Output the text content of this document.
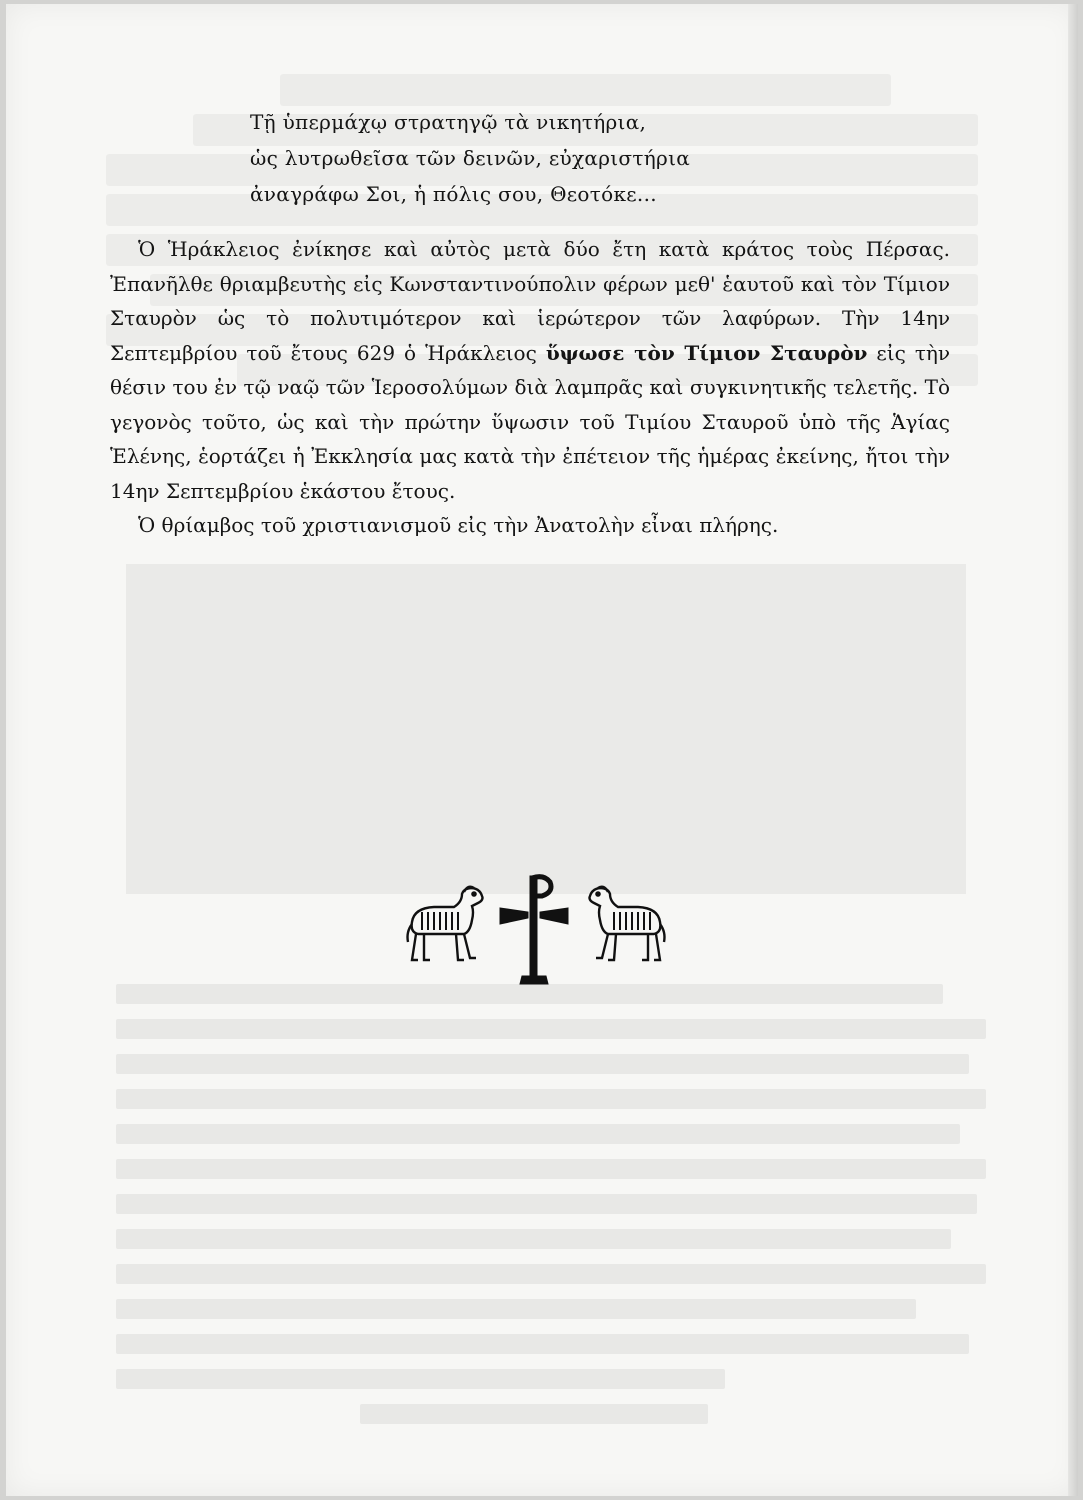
Τῇ ὑπερμάχῳ στρατηγῷ τὰ νικητήρια,
ὡς λυτρωθεῖσα τῶν δεινῶν, εὐχαριστήρια
ἀναγράφω Σοι, ἡ πόλις σου, Θεοτόκε...

Ὁ Ἡράκλειος ἐνίκησε καὶ αὐτὸς μετὰ δύο ἔτη κατὰ κράτος τοὺς Πέρσας. Ἐπανῆλθε θριαμβευτὴς εἰς Κωνσταντινούπολιν φέρων μεθ' ἑαυτοῦ καὶ τὸν Τίμιον Σταυρὸν ὡς τὸ πολυτιμότερον καὶ ἱερώτερον τῶν λαφύρων. Τὴν 14ην Σεπτεμβρίου τοῦ ἔτους 629 ὁ Ἡράκλειος ὕψωσε τὸν Τίμιον Σταυρὸν εἰς τὴν θέσιν του ἐν τῷ ναῷ τῶν Ἱεροσολύμων διὰ λαμπρᾶς καὶ συγκινητικῆς τελετῆς. Τὸ γεγονὸς τοῦτο, ὡς καὶ τὴν πρώτην ὕψωσιν τοῦ Τιμίου Σταυροῦ ὑπὸ τῆς Ἁγίας Ἑλένης, ἑορτάζει ἡ Ἐκκλησία μας κατὰ τὴν ἐπέτειον τῆς ἡμέρας ἐκείνης, ἤτοι τὴν 14ην Σεπτεμβρίου ἑκάστου ἔτους.

Ὁ θρίαμβος τοῦ χριστιανισμοῦ εἰς τὴν Ἀνατολὴν εἶναι πλήρης.
